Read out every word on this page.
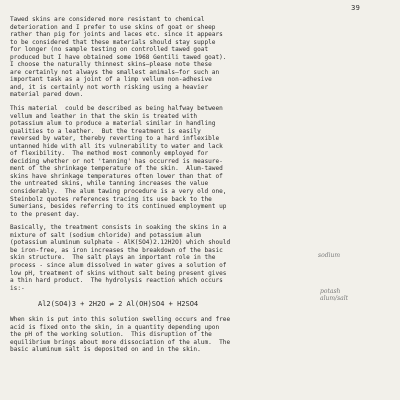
39

Tawed skins are considered more resistant to chemical
deterioration and I prefer to use skins of goat or sheep
rather than pig for joints and laces etc. since it appears
to be considered that these materials should stay supple
for longer (no sample testing on controlled tawed goat
produced but I have obtained some 1968 Gentili tawed goat).
I choose the naturally thinnest skins—please note these
are certainly not always the smallest animals—for such an
important task as a joint of a limp vellum non-adhesive
and, it is certainly not worth risking using a heavier
material pared down.

This material  could be described as being halfway between
vellum and leather in that the skin is treated with
potassium alum to produce a material similar in handling
qualities to a leather.  But the treatment is easily
reversed by water, thereby reverting to a hard inflexible
untanned hide with all its vulnerability to water and lack
of flexibility.  The method most commonly employed for
deciding whether or not 'tanning' has occurred is measure-
ment of the shrinkage temperature of the skin.  Alum-tawed
skins have shrinkage temperatures often lower than that of
the untreated skins, while tanning increases the value
considerably.  The alum tawing procedure is a very old one,
Steinbolz quotes references tracing its use back to the
Sumerians, besides referring to its continued employment up
to the present day.

Basically, the treatment consists in soaking the skins in a
mixture of salt (sodium chloride) and potassium alum
(potassium aluminum sulphate - AlK(SO4)2.12H2O) which should
be iron-free, as iron increases the breakdown of the basic
skin structure.  The salt plays an important role in the
process - since alum dissolved in water gives a solution of
low pH, treatment of skins without salt being present gives
a thin hard product.  The hydrolysis reaction which occurs
is:-

Al2(SO4)3 + 2H2O ⇌ 2 Al(OH)SO4 + H2SO4

When skin is put into this solution swelling occurs and free
acid is fixed onto the skin, in a quantity depending upon
the pH of the working solution.  This disruption of the
equilibrium brings about more dissociation of the alum.  The
basic aluminum salt is deposited on and in the skin.

sodium
potash
alum/salt
